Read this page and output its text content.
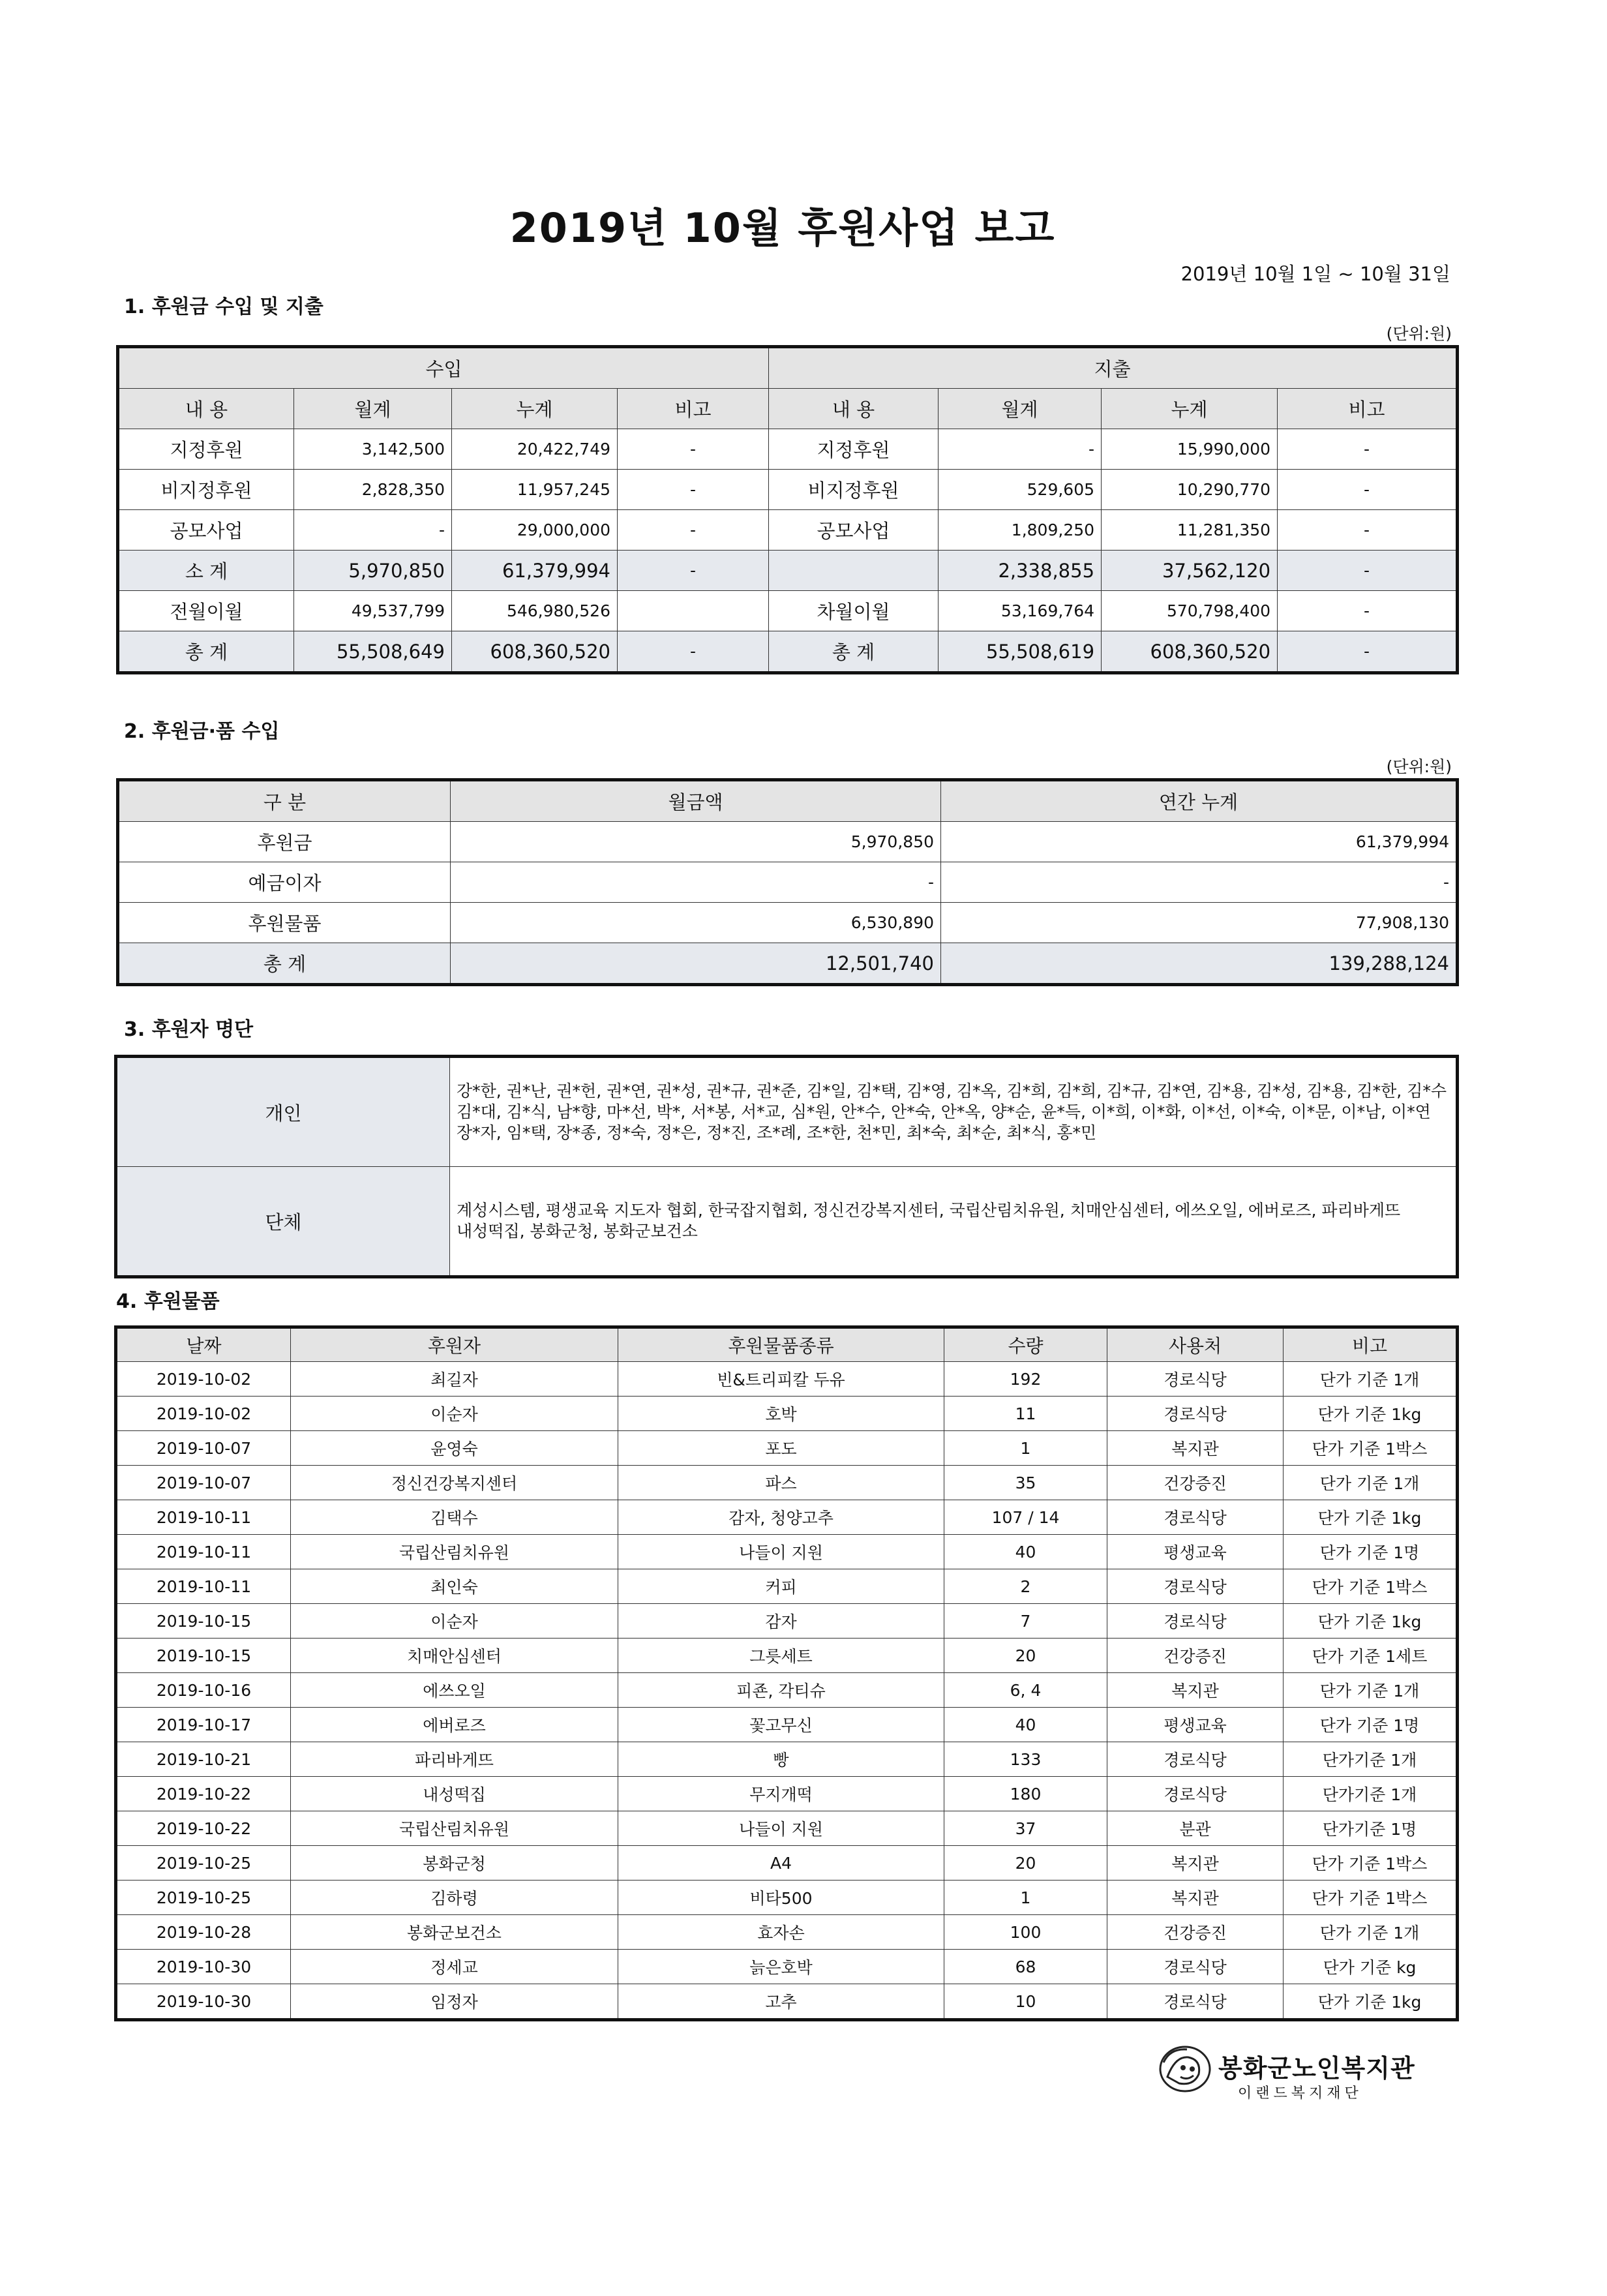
2019년 10월 후원사업 보고
2019년 10월 1일 ~ 10월 31일
1. 후원금 수입 및 지출
(단위:원)
수입				지출			
내 용	월계	누계	비고	내 용	월계	누계	비고
지정후원	3,142,500	20,422,749	-	지정후원	-	15,990,000	-
비지정후원	2,828,350	11,957,245	-	비지정후원	529,605	10,290,770	-
공모사업	-	29,000,000	-	공모사업	1,809,250	11,281,350	-
소 계	5,970,850	61,379,994	-		2,338,855	37,562,120	-
전월이월	49,537,799	546,980,526		차월이월	53,169,764	570,798,400	-
총 계	55,508,649	608,360,520	-	총 계	55,508,619	608,360,520	-
2. 후원금·품 수입
(단위:원)
구 분	월금액	연간 누계
후원금	5,970,850	61,379,994
예금이자	-	-
후원물품	6,530,890	77,908,130
총 계	12,501,740	139,288,124
3. 후원자 명단
개인	강*한, 권*난, 권*헌, 권*연, 권*성, 권*규, 권*준, 김*일, 김*택, 김*영, 김*옥, 김*희, 김*희, 김*규, 김*연, 김*용, 김*성, 김*용, 김*한, 김*수
김*대, 김*식, 남*향, 마*선, 박*, 서*봉, 서*교, 심*원, 안*수, 안*숙, 안*옥, 양*순, 윤*득, 이*희, 이*화, 이*선, 이*숙, 이*문, 이*남, 이*연
장*자, 임*택, 장*종, 정*숙, 정*은, 정*진, 조*례, 조*한, 천*민, 최*숙, 최*순, 최*식, 홍*민

단체	계성시스템, 평생교육 지도자 협회, 한국잡지협회, 정신건강복지센터, 국립산림치유원, 치매안심센터, 에쓰오일, 에버로즈, 파리바게뜨
내성떡집, 봉화군청, 봉화군보건소
4. 후원물품
날짜	후원자	후원물품종류	수량	사용처	비고
2019-10-02	최길자	빈&트리피칼 두유	192	경로식당	단가 기준 1개
2019-10-02	이순자	호박	11	경로식당	단가 기준 1kg
2019-10-07	윤영숙	포도	1	복지관	단가 기준 1박스
2019-10-07	정신건강복지센터	파스	35	건강증진	단가 기준 1개
2019-10-11	김택수	감자, 청양고추	107 / 14	경로식당	단가 기준 1kg
2019-10-11	국립산림치유원	나들이 지원	40	평생교육	단가 기준 1명
2019-10-11	최인숙	커피	2	경로식당	단가 기준 1박스
2019-10-15	이순자	감자	7	경로식당	단가 기준 1kg
2019-10-15	치매안심센터	그릇세트	20	건강증진	단가 기준 1세트
2019-10-16	에쓰오일	피죤, 각티슈	6, 4	복지관	단가 기준 1개
2019-10-17	에버로즈	꽃고무신	40	평생교육	단가 기준 1명
2019-10-21	파리바게뜨	빵	133	경로식당	단가기준 1개
2019-10-22	내성떡집	무지개떡	180	경로식당	단가기준 1개
2019-10-22	국립산림치유원	나들이 지원	37	분관	단가기준 1명
2019-10-25	봉화군청	A4	20	복지관	단가 기준 1박스
2019-10-25	김하령	비타500	1	복지관	단가 기준 1박스
2019-10-28	봉화군보건소	효자손	100	건강증진	단가 기준 1개
2019-10-30	정세교	늙은호박	68	경로식당	단가 기준 kg
2019-10-30	임정자	고추	10	경로식당	단가 기준 1kg
봉화군노인복지관
이랜드복지재단
